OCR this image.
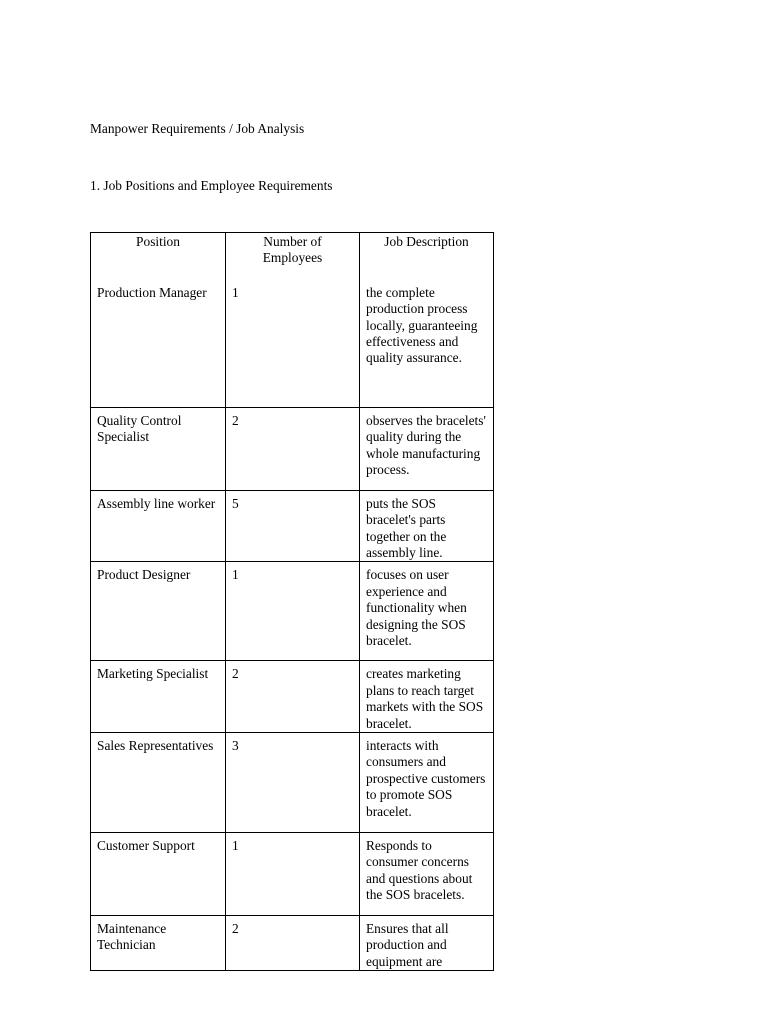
Manpower Requirements / Job Analysis
1. Job Positions and Employee Requirements
Position	Number of Employees	Job Description
Production Manager	1	the complete production process locally, guaranteeing effectiveness and quality assurance.
Quality Control Specialist	2	observes the bracelets' quality during the whole manufacturing process.
Assembly line worker	5	puts the SOS bracelet's parts together on the assembly line.
Product Designer	1	focuses on user experience and functionality when designing the SOS bracelet.
Marketing Specialist	2	creates marketing plans to reach target markets with the SOS bracelet.
Sales Representatives	3	interacts with consumers and prospective customers to promote SOS bracelet.
Customer Support	1	Responds to consumer concerns and questions about the SOS bracelets.
Maintenance Technician	2	Ensures that all production and equipment are
